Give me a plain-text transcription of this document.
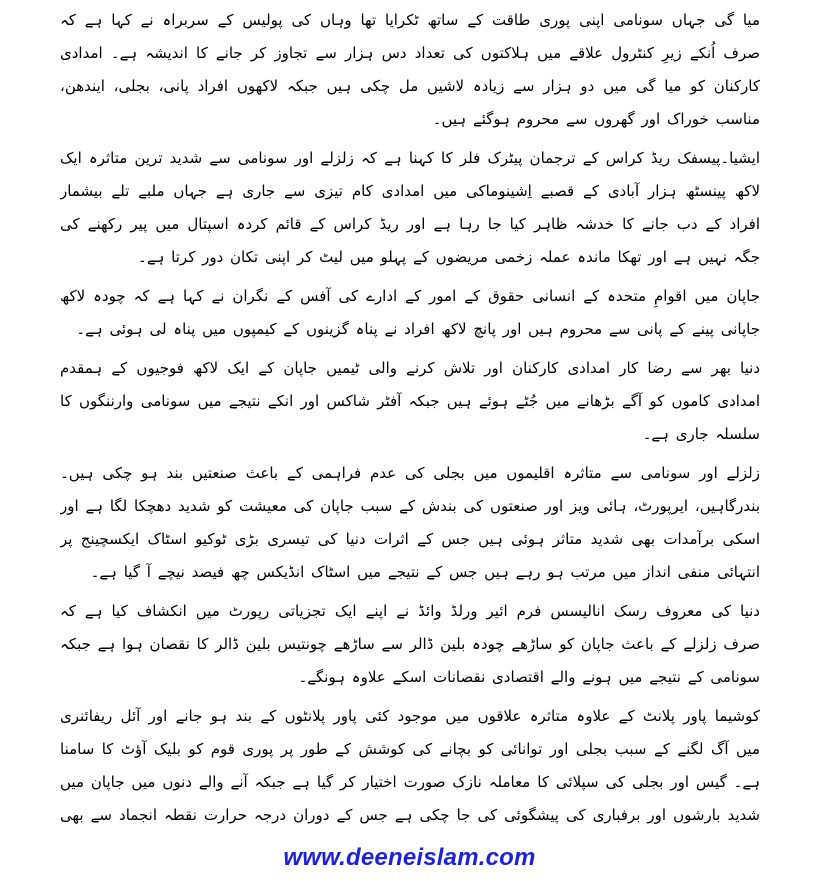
میا گی جہاں سونامی اپنی پوری طاقت کے ساتھ ٹکرایا تھا وہاں کی پولیس کے سربراہ نے کہا ہے کہ صرف اُنکے زیرِ کنٹرول علاقے میں ہلاکتوں کی تعداد دس ہزار سے تجاوز کر جانے کا اندیشہ ہے۔ امدادی کارکنان کو میا گی میں دو ہزار سے زیادہ لاشیں مل چکی ہیں جبکہ لاکھوں افراد پانی، بجلی، ایندھن، مناسب خوراک اور گھروں سے محروم ہوگئے ہیں۔

ایشیا۔پیسفک ریڈ کراس کے ترجمان پیٹرک فلر کا کہنا ہے کہ زلزلے اور سونامی سے شدید ترین متاثرہ ایک لاکھ پینسٹھ ہزار آبادی کے قصبے اِشینوماکی میں امدادی کام تیزی سے جاری ہے جہاں ملبے تلے بیشمار افراد کے دب جانے کا خدشہ ظاہر کیا جا رہا ہے اور ریڈ کراس کے قائم کردہ اسپتال میں پیر رکھنے کی جگہ نہیں ہے اور تھکا ماندہ عملہ زخمی مریضوں کے پہلو میں لیٹ کر اپنی تکان دور کرتا ہے۔

جاپان میں اقوامِ متحدہ کے انسانی حقوق کے امور کے ادارے کی آفس کے نگران نے کہا ہے کہ چودہ لاکھ جاپانی پینے کے پانی سے محروم ہیں اور پانچ لاکھ افراد نے پناہ گزینوں کے کیمپوں میں پناہ لی ہوئی ہے۔

دنیا بھر سے رضا کار امدادی کارکنان اور تلاش کرنے والی ٹیمیں جاپان کے ایک لاکھ فوجیوں کے ہمقدم امدادی کاموں کو آگے بڑھانے میں جُٹے ہوئے ہیں جبکہ آفٹر شاکس اور انکے نتیجے میں سونامی وارننگوں کا سلسلہ جاری ہے۔

زلزلے اور سونامی سے متاثرہ اقلیموں میں بجلی کی عدم فراہمی کے باعث صنعتیں بند ہو چکی ہیں۔ بندرگاہیں، ایرپورٹ، ہائی ویز اور صنعتوں کی بندش کے سبب جاپان کی معیشت کو شدید دھچکا لگا ہے اور اسکی برآمدات بھی شدید متاثر ہوئی ہیں جس کے اثرات دنیا کی تیسری بڑی ٹوکیو اسٹاک ایکسچینج پر انتہائی منفی انداز میں مرتب ہو رہے ہیں جس کے نتیجے میں اسٹاک انڈیکس چھ فیصد نیچے آ گیا ہے۔

دنیا کی معروف رسک انالیسس فرم ائیر ورلڈ وائڈ نے اپنے ایک تجزیاتی رپورٹ میں انکشاف کیا ہے کہ صرف زلزلے کے باعث جاپان کو ساڑھے چودہ بلین ڈالر سے ساڑھے چونتیس بلین ڈالر کا نقصان ہوا ہے جبکہ سونامی کے نتیجے میں ہونے والے اقتصادی نقصانات اسکے علاوہ ہونگے۔

کوشیما پاور پلانٹ کے علاوہ متاثرہ علاقوں میں موجود کئی پاور پلانٹوں کے بند ہو جانے اور آئل ریفائنری میں آگ لگنے کے سبب بجلی اور توانائی کو بچانے کی کوشش کے طور پر پوری قوم کو بلیک آؤٹ کا سامنا ہے۔ گیس اور بجلی کی سپلائی کا معاملہ نازک صورت اختیار کر گیا ہے جبکہ آنے والے دنوں میں جاپان میں شدید بارشوں اور برفباری کی پیشگوئی کی جا چکی ہے جس کے دوران درجہ حرارت نقطہ انجماد سے بھی

www.deeneislam.com
